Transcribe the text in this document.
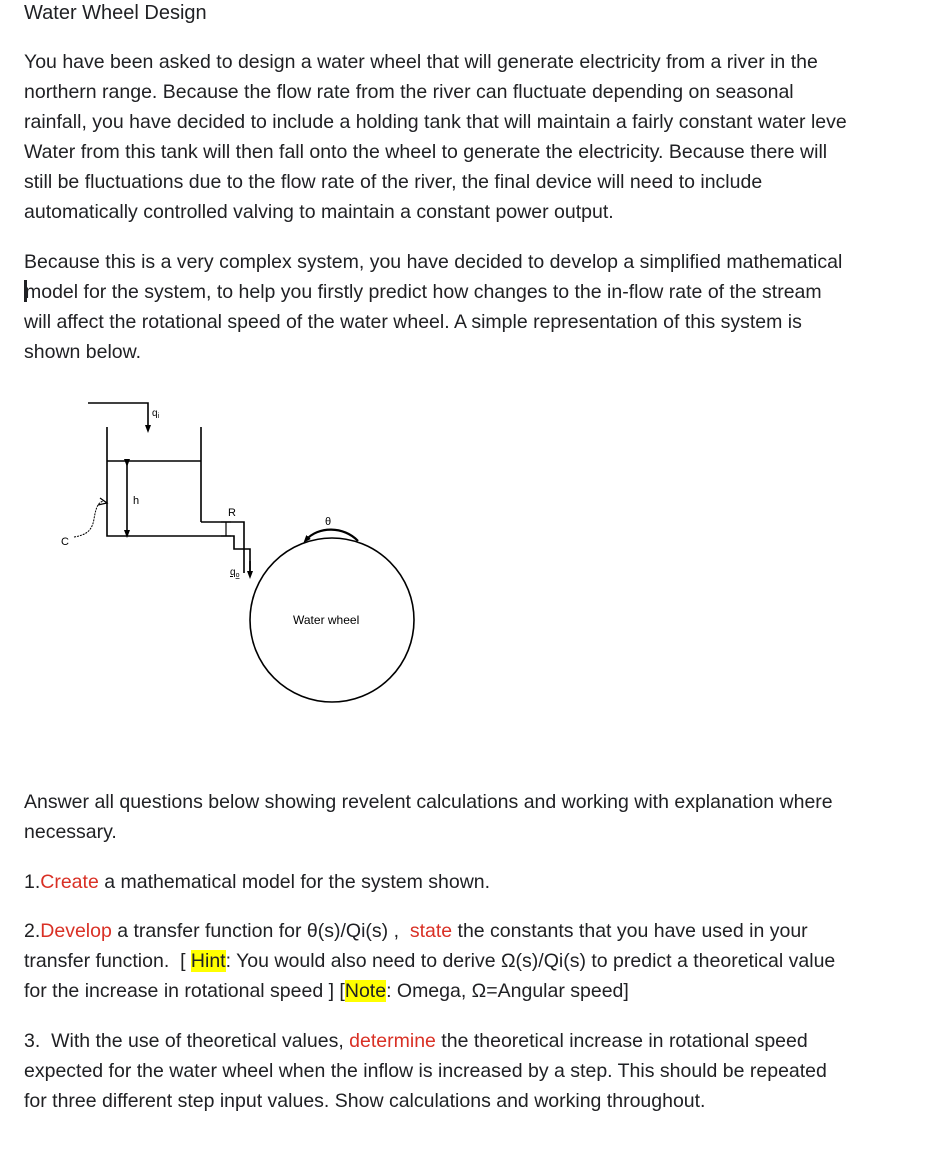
Water Wheel Design
You have been asked to design a water wheel that will generate electricity from a river in the
northern range. Because the flow rate from the river can fluctuate depending on seasonal
rainfall, you have decided to include a holding tank that will maintain a fairly constant water leve
Water from this tank will then fall onto the wheel to generate the electricity. Because there will
still be fluctuations due to the flow rate of the river, the final device will need to include
automatically controlled valving to maintain a constant power output.
Because this is a very complex system, you have decided to develop a simplified mathematical
model for the system, to help you firstly predict how changes to the in-flow rate of the stream
will affect the rotational speed of the water wheel. A simple representation of this system is
shown below.
$q_i$
h
C
R
$q_o$
θ
Water wheel
Answer all questions below showing revelent calculations and working with explanation where
necessary.
1.Create a mathematical model for the system shown.
2.Develop a transfer function for θ(s)/Qi(s) ,  state the constants that you have used in your
transfer function.  [ Hint: You would also need to derive Ω(s)/Qi(s) to predict a theoretical value
for the increase in rotational speed ] [Note: Omega, Ω=Angular speed]
3.  With the use of theoretical values, determine the theoretical increase in rotational speed
expected for the water wheel when the inflow is increased by a step. This should be repeated
for three different step input values. Show calculations and working throughout.
